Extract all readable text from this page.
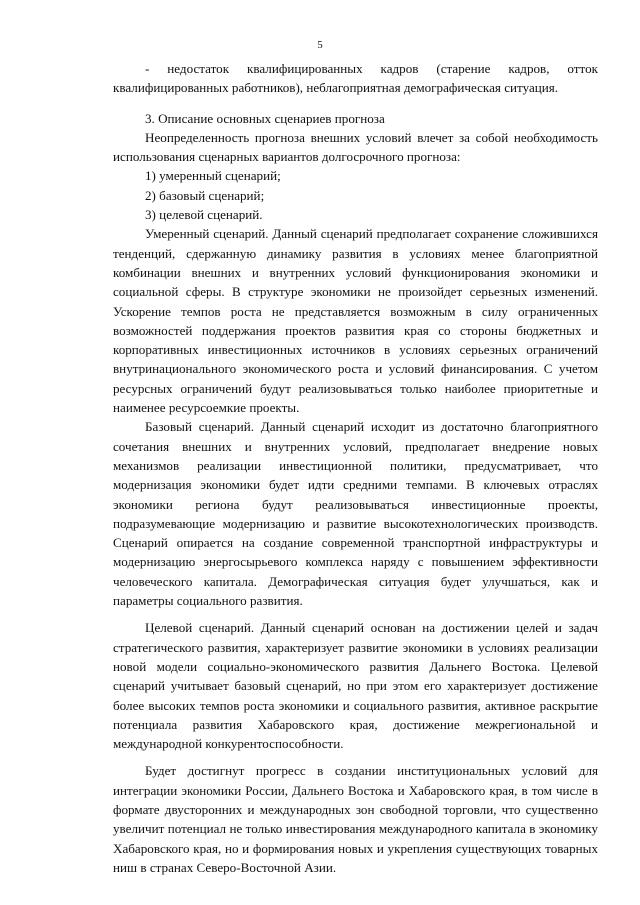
5

- недостаток квалифицированных кадров (старение кадров, отток квалифицированных работников), неблагоприятная демографическая ситуация.

3. Описание основных сценариев прогноза

Неопределенность прогноза внешних условий влечет за собой необходимость использования сценарных вариантов долгосрочного прогноза:

1) умеренный сценарий;
2) базовый сценарий;
3) целевой сценарий.

Умеренный сценарий. Данный сценарий предполагает сохранение сложившихся тенденций, сдержанную динамику развития в условиях менее благоприятной комбинации внешних и внутренних условий функционирования экономики и социальной сферы. В структуре экономики не произойдет серьезных изменений. Ускорение темпов роста не представляется возможным в силу ограниченных возможностей поддержания проектов развития края со стороны бюджетных и корпоративных инвестиционных источников в условиях серьезных ограничений внутринационального экономического роста и условий финансирования. С учетом ресурсных ограничений будут реализовываться только наиболее приоритетные и наименее ресурсоемкие проекты.

Базовый сценарий. Данный сценарий исходит из достаточно благоприятного сочетания внешних и внутренних условий, предполагает внедрение новых механизмов реализации инвестиционной политики, предусматривает, что модернизация экономики будет идти средними темпами. В ключевых отраслях экономики региона будут реализовываться инвестиционные проекты, подразумевающие модернизацию и развитие высокотехнологических производств. Сценарий опирается на создание современной транспортной инфраструктуры и модернизацию энергосырьевого комплекса наряду с повышением эффективности человеческого капитала. Демографическая ситуация будет улучшаться, как и параметры социального развития.

Целевой сценарий. Данный сценарий основан на достижении целей и задач стратегического развития, характеризует развитие экономики в условиях реализации новой модели социально-экономического развития Дальнего Востока. Целевой сценарий учитывает базовый сценарий, но при этом его характеризует достижение более высоких темпов роста экономики и социального развития, активное раскрытие потенциала развития Хабаровского края, достижение межрегиональной и международной конкурентоспособности.

Будет достигнут прогресс в создании институциональных условий для интеграции экономики России, Дальнего Востока и Хабаровского края, в том числе в формате двусторонних и международных зон свободной торговли, что существенно увеличит потенциал не только инвестирования международного капитала в экономику Хабаровского края, но и формирования новых и укрепления существующих товарных ниш в странах Северо-Восточной Азии.
